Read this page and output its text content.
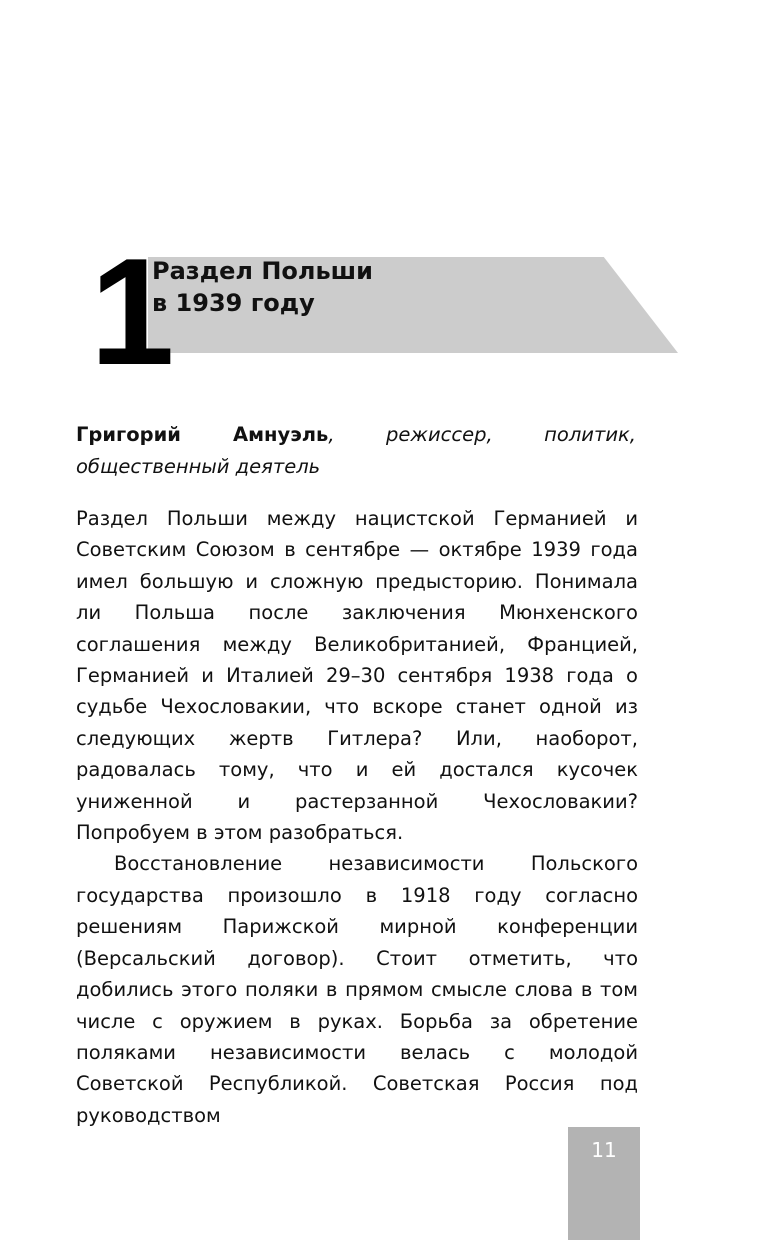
1
Раздел Польши
в 1939 году
Григорий Амнуэль, режиссер, политик, общественный деятель

Раздел Польши между нацистской Германией и Советским Союзом в сентябре — октябре 1939 года имел большую и сложную предысторию. Понимала ли Польша после заключения Мюнхенского соглашения между Великобританией, Францией, Германией и Италией 29–30 сентября 1938 года о судьбе Чехословакии, что вскоре станет одной из следующих жертв Гитлера? Или, наоборот, радовалась тому, что и ей достался кусочек униженной и растерзанной Чехословакии? Попробуем в этом разобраться.

Восстановление независимости Польского государства произошло в 1918 году согласно решениям Парижской мирной конференции (Версальский договор). Стоит отметить, что добились этого поляки в прямом смысле слова в том числе с оружием в руках. Борьба за обретение поляками независимости велась с молодой Советской Республикой. Советская Россия под руководством

11
